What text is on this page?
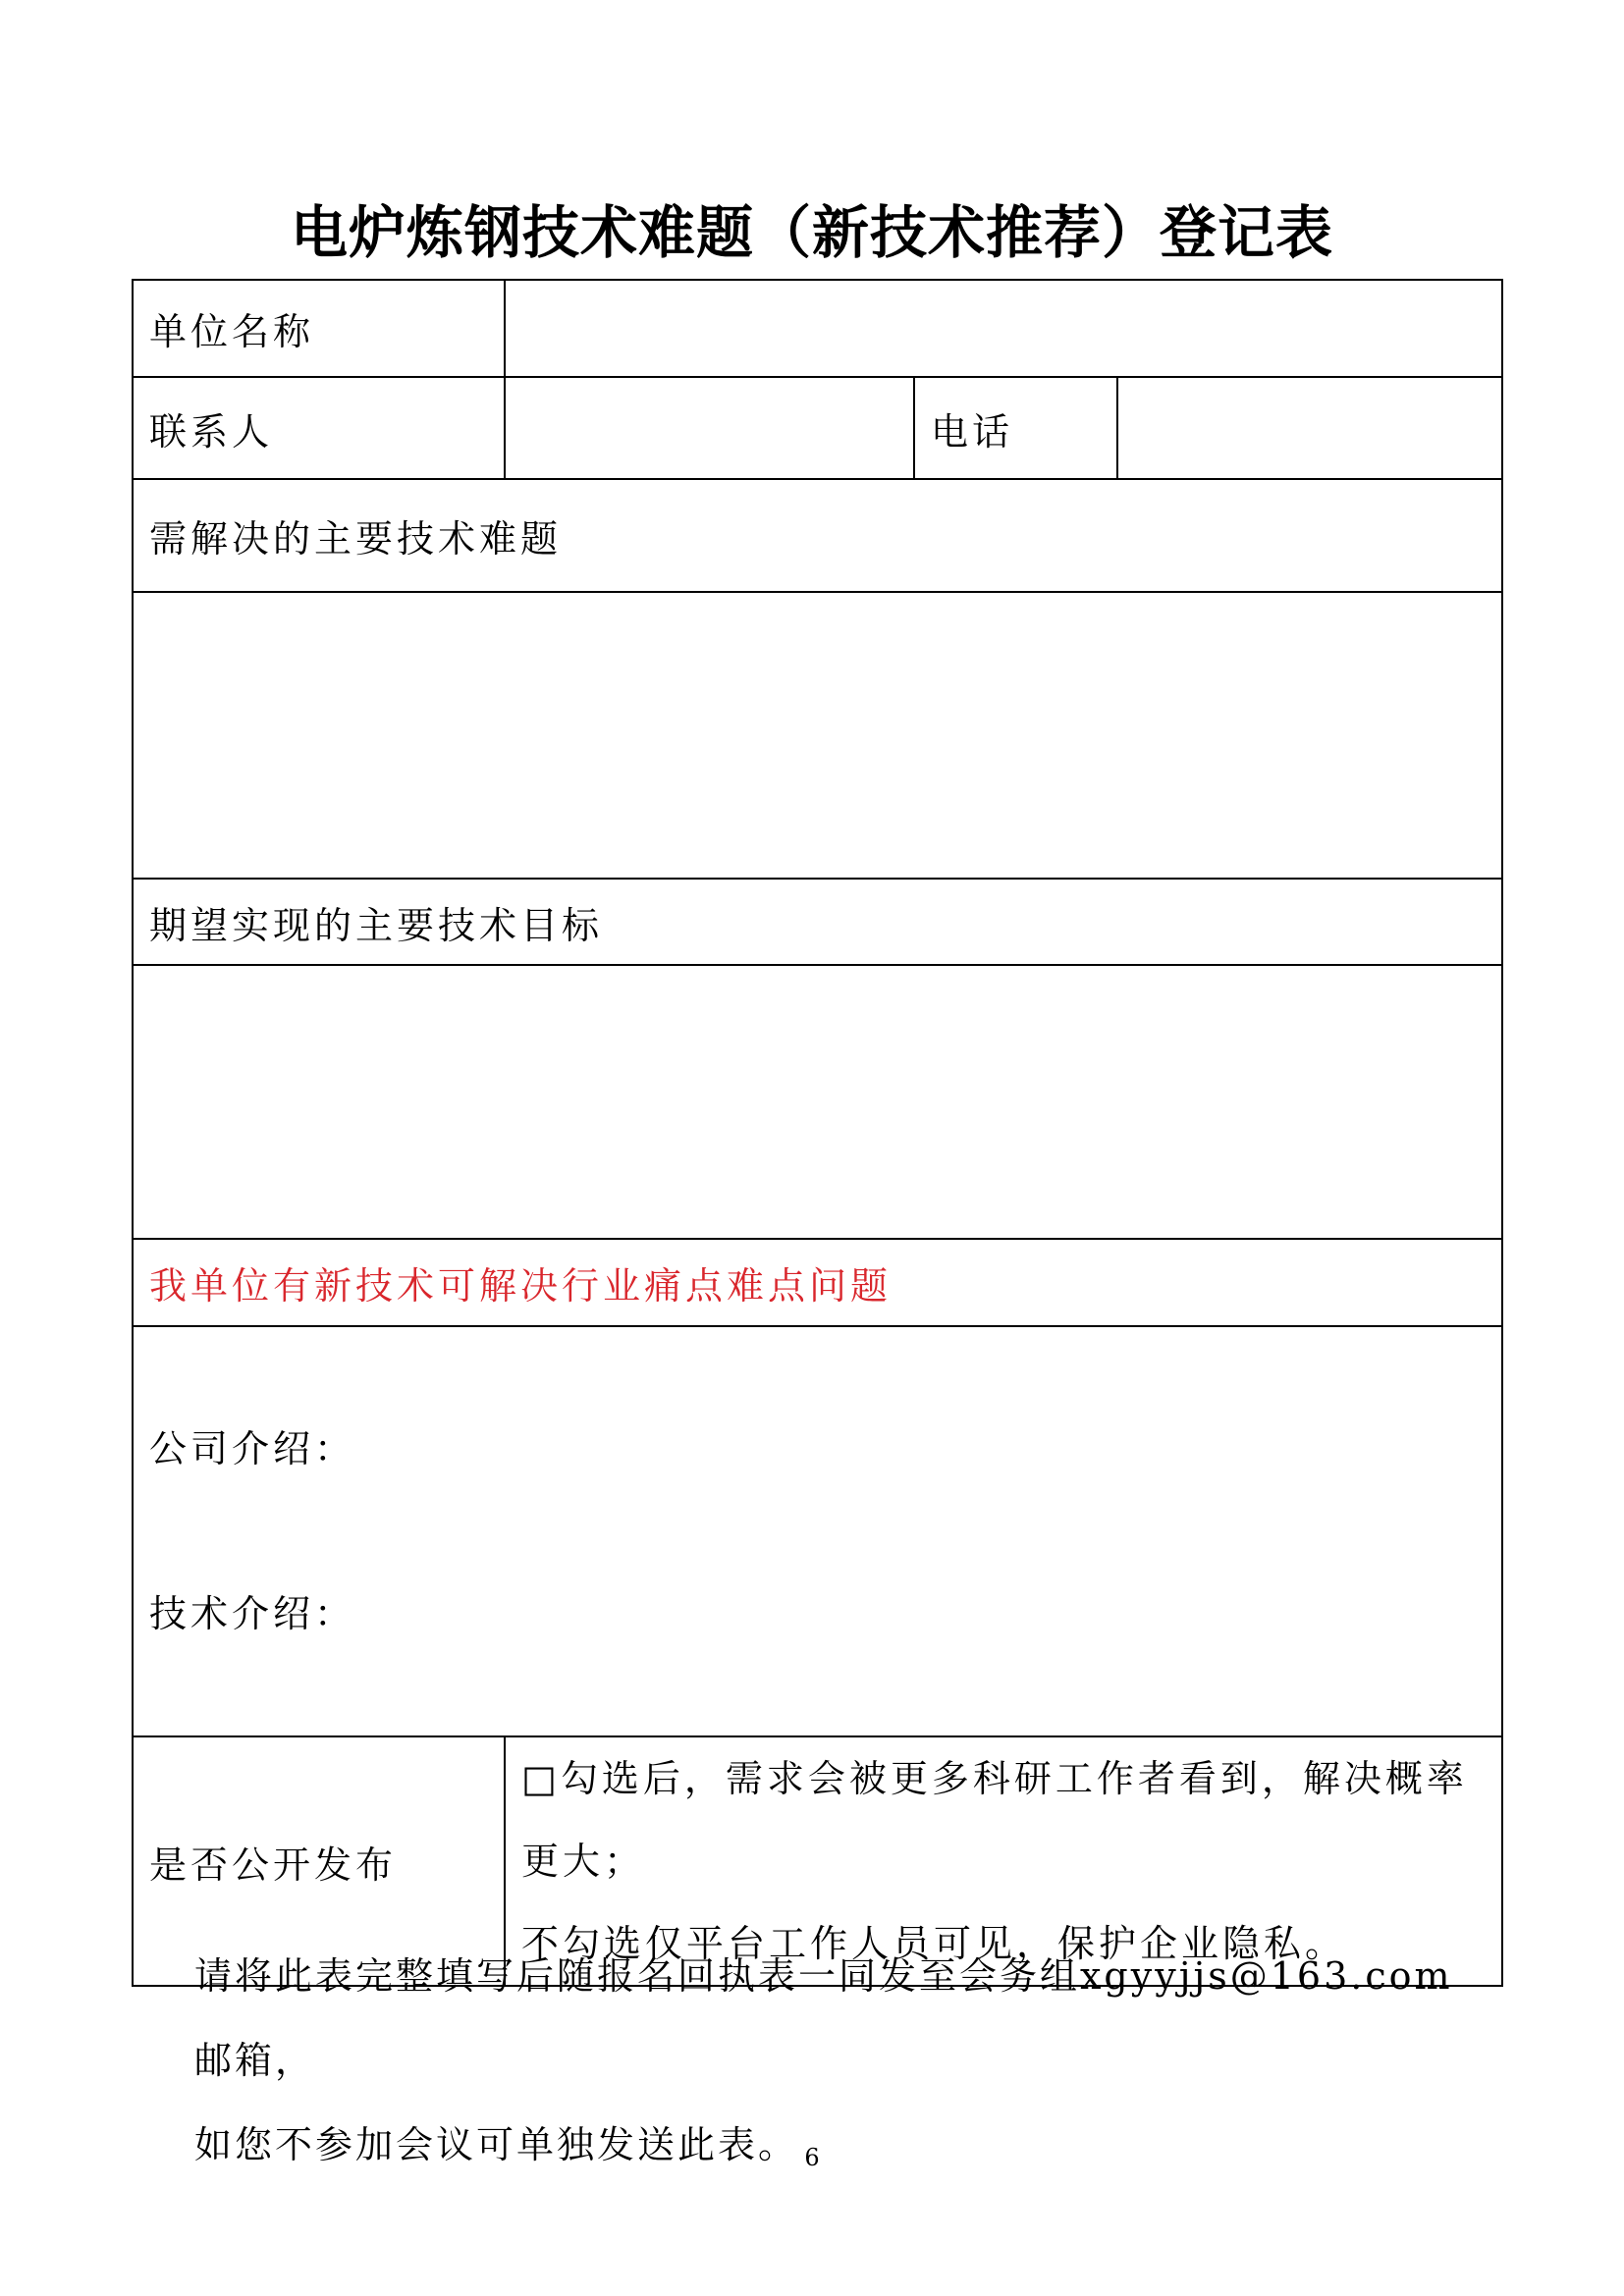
电炉炼钢技术难题（新技术推荐）登记表
单位名称			
联系人		电话	
需解决的主要技术难题			

期望实现的主要技术目标			

我单位有新技术可解决行业痛点难点问题			

公司介绍：
技术介绍：			

是否公开发布	□勾选后，需求会被更多科研工作者看到，解决概率更大；
不勾选仅平台工作人员可见，保护企业隐私。		
请将此表完整填写后随报名回执表一同发至会务组xgyyjjs@163.com邮箱，
如您不参加会议可单独发送此表。 6
